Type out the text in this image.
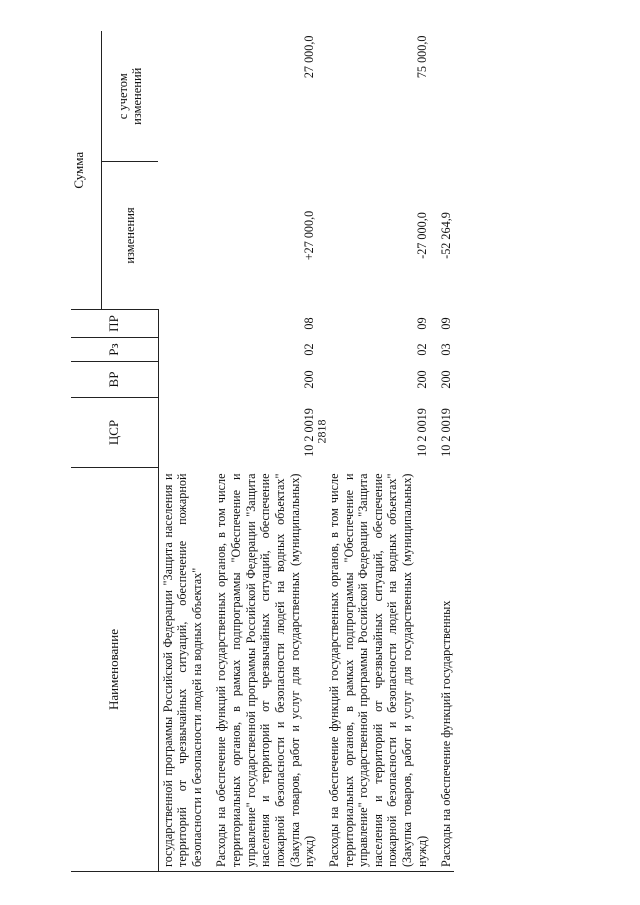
2818
Наименование	ЦСР	ВР	Рз	ПР	Сумма	
					изменения	с учетом
изменений
государственной программы Российской Федерации "Защита населения и территорий от чрезвычайных ситуаций, обеспечение пожарной безопасности и безопасности людей на водных объектах"						
Расходы на обеспечение функций государственных органов, в том числе территориальных органов, в рамках подпрограммы "Обеспечение и управление" государственной программы Российской Федерации "Защита населения и территорий от чрезвычайных ситуаций, обеспечение пожарной безопасности и безопасности людей на водных объектах" (Закупка товаров, работ и услуг для государственных (муниципальных) нужд)	10 2 0019	200	02	08	+27 000,0	27 000,0
Расходы на обеспечение функций государственных органов, в том числе территориальных органов, в рамках подпрограммы "Обеспечение и управление" государственной программы Российской Федерации "Защита населения и территорий от чрезвычайных ситуаций, обеспечение пожарной безопасности и безопасности людей на водных объектах" (Закупка товаров, работ и услуг для государственных (муниципальных) нужд)	10 2 0019	200	02	09	-27 000,0	75 000,0
Расходы на обеспечение функций государственных	10 2 0019	200	03	09	-52 264,9	
